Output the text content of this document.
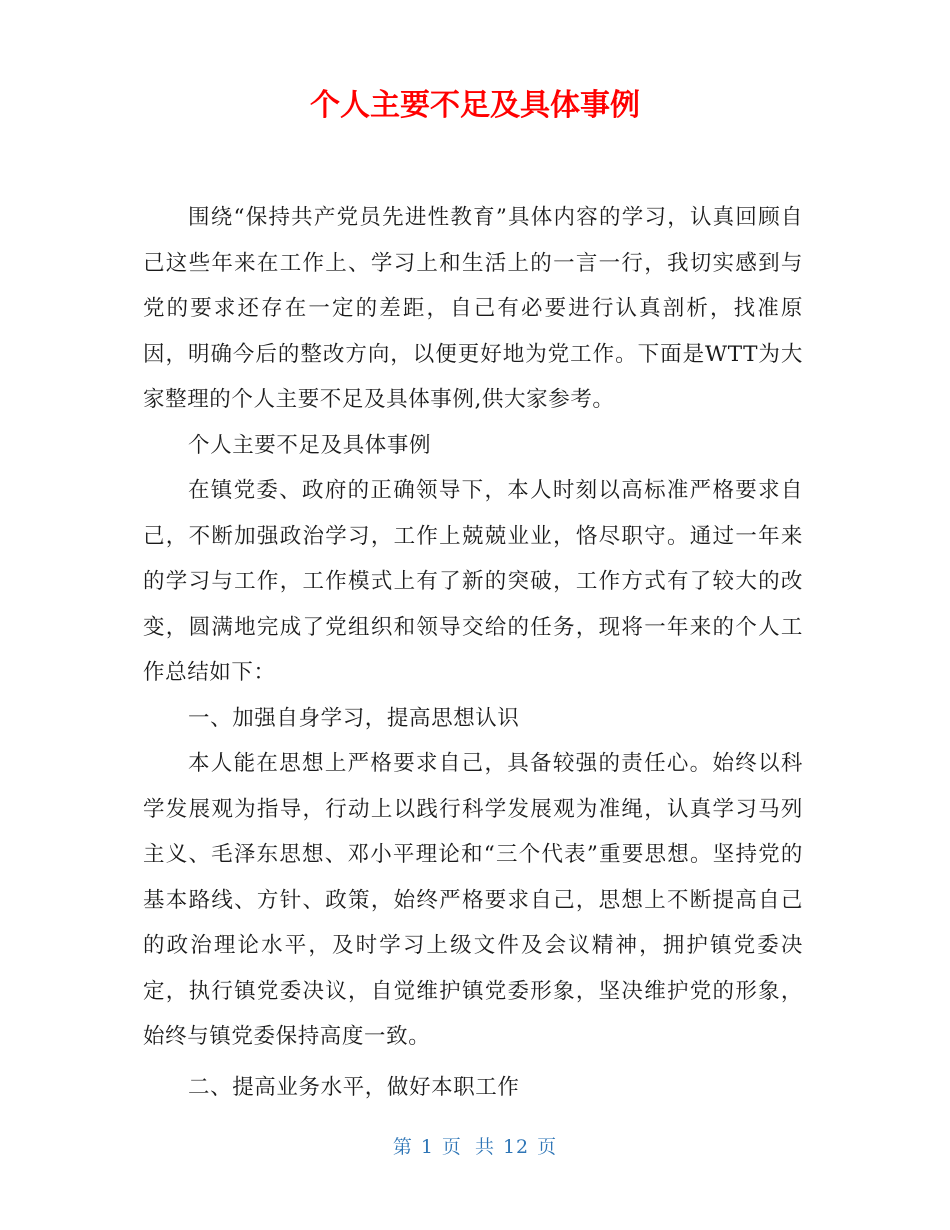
个人主要不足及具体事例

围绕“保持共产党员先进性教育”具体内容的学习，认真回顾自己这些年来在工作上、学习上和生活上的一言一行，我切实感到与党的要求还存在一定的差距，自己有必要进行认真剖析，找准原因，明确今后的整改方向，以便更好地为党工作。下面是WTT为大家整理的个人主要不足及具体事例,供大家参考。

个人主要不足及具体事例

在镇党委、政府的正确领导下，本人时刻以高标准严格要求自己，不断加强政治学习，工作上兢兢业业，恪尽职守。通过一年来的学习与工作，工作模式上有了新的突破，工作方式有了较大的改变，圆满地完成了党组织和领导交给的任务，现将一年来的个人工作总结如下：

一、加强自身学习，提高思想认识

本人能在思想上严格要求自己，具备较强的责任心。始终以科学发展观为指导，行动上以践行科学发展观为准绳，认真学习马列主义、毛泽东思想、邓小平理论和“三个代表”重要思想。坚持党的基本路线、方针、政策，始终严格要求自己，思想上不断提高自己的政治理论水平，及时学习上级文件及会议精神，拥护镇党委决定，执行镇党委决议，自觉维护镇党委形象，坚决维护党的形象，始终与镇党委保持高度一致。

二、提高业务水平，做好本职工作

第 1 页 共 12 页
